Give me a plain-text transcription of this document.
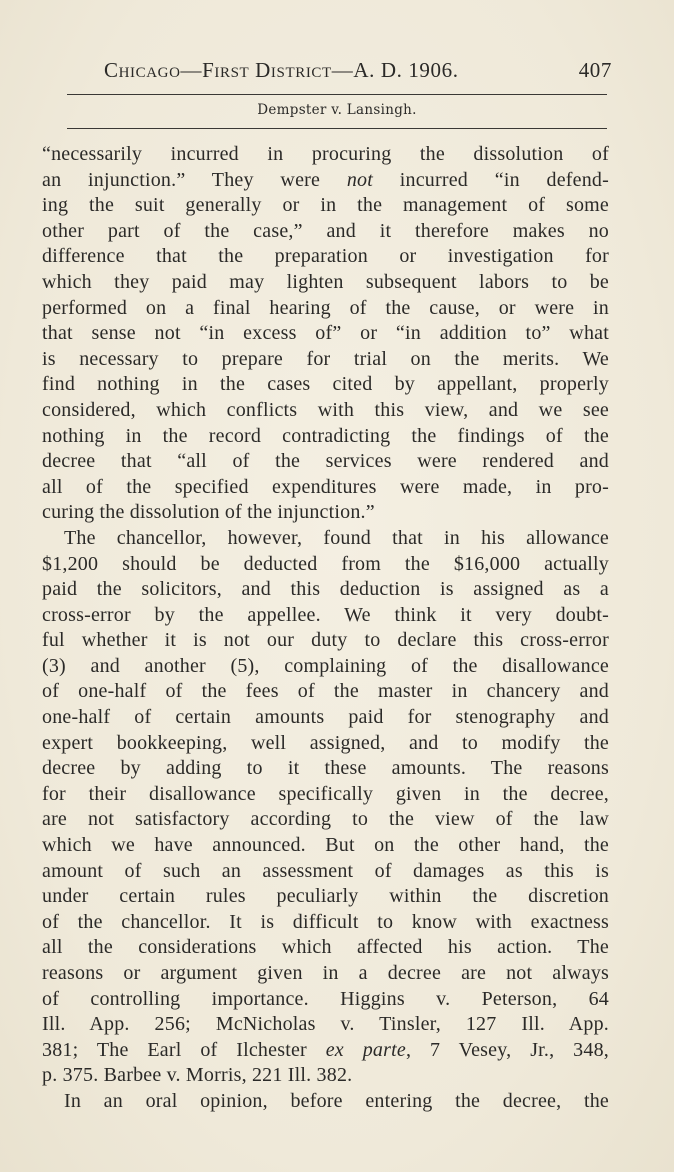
Chicago—First District—A. D. 1906.	407
Dempster v. Lansingh.
“necessarily incurred in procuring the dissolution of
an injunction.” They were not incurred “in defend-
ing the suit generally or in the management of some
other part of the case,” and it therefore makes no
difference that the preparation or investigation for
which they paid may lighten subsequent labors to be
performed on a final hearing of the cause, or were in
that sense not “in excess of” or “in addition to” what
is necessary to prepare for trial on the merits. We
find nothing in the cases cited by appellant, properly
considered, which conflicts with this view, and we see
nothing in the record contradicting the findings of the
decree that “all of the services were rendered and
all of the specified expenditures were made, in pro-
curing the dissolution of the injunction.”
The chancellor, however, found that in his allowance
$1,200 should be deducted from the $16,000 actually
paid the solicitors, and this deduction is assigned as a
cross-error by the appellee. We think it very doubt-
ful whether it is not our duty to declare this cross-error
(3) and another (5), complaining of the disallowance
of one-half of the fees of the master in chancery and
one-half of certain amounts paid for stenography and
expert bookkeeping, well assigned, and to modify the
decree by adding to it these amounts. The reasons
for their disallowance specifically given in the decree,
are not satisfactory according to the view of the law
which we have announced. But on the other hand, the
amount of such an assessment of damages as this is
under certain rules peculiarly within the discretion
of the chancellor. It is difficult to know with exactness
all the considerations which affected his action. The
reasons or argument given in a decree are not always
of controlling importance. Higgins v. Peterson, 64
Ill. App. 256; McNicholas v. Tinsler, 127 Ill. App.
381; The Earl of Ilchester ex parte, 7 Vesey, Jr., 348,
p. 375. Barbee v. Morris, 221 Ill. 382.
In an oral opinion, before entering the decree, the
